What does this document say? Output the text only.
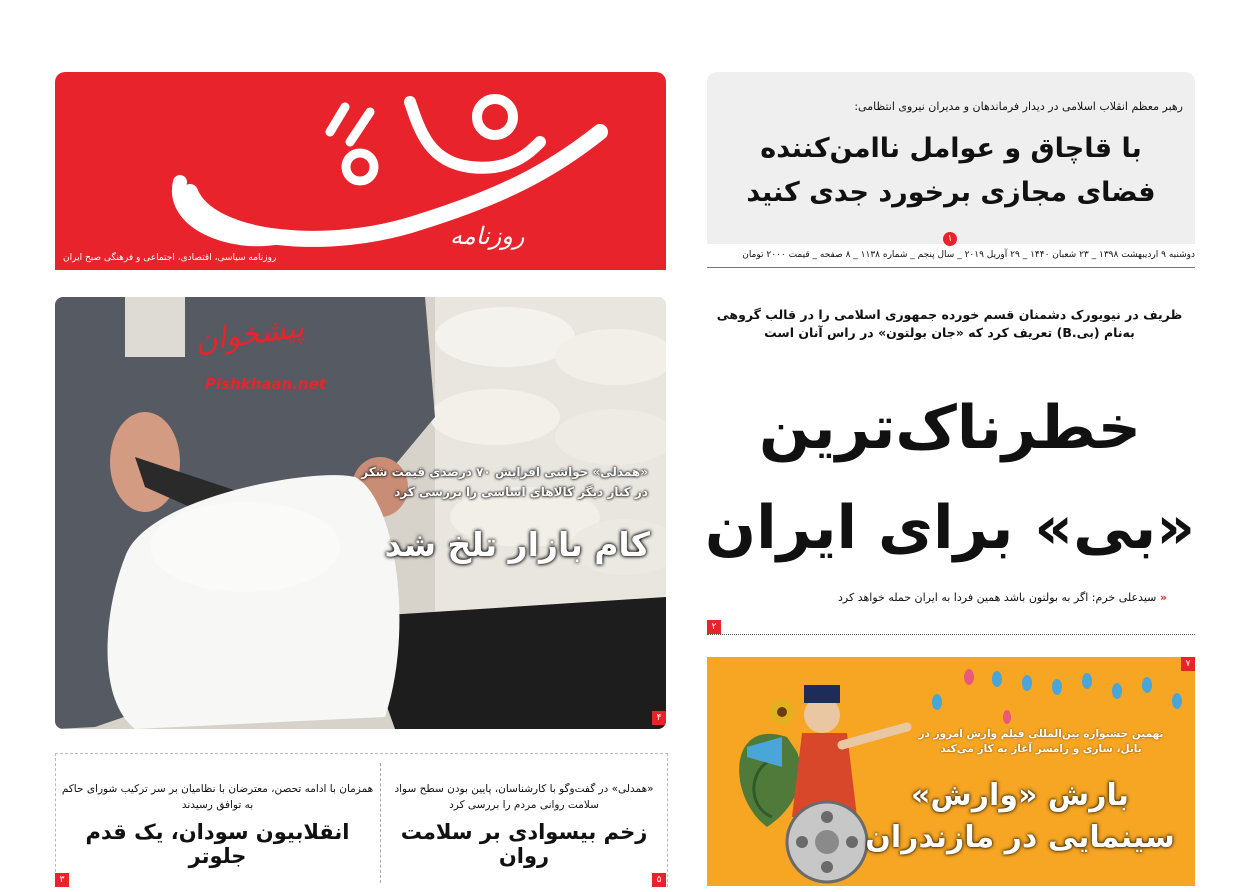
روزنامه
روزنامه سیاسی، اقتصادی، اجتماعی و فرهنگی صبح ایران
رهبر معظم انقلاب اسلامی در دیدار فرماندهان و مدیران نیروی انتظامی:
با قاچاق و عوامل ناامن‌کننده فضای مجازی برخورد جدی کنید
۱
دوشنبه ۹ اردیبهشت ۱۳۹۸ _ ۲۳ شعبان ۱۴۴۰ _ ۲۹ آوریل ۲۰۱۹ _ سال پنجم _ شماره ۱۱۳۸ _ ۸ صفحه _ قیمت ۲۰۰۰ تومان
ظریف در نیویورک دشمنان قسم خورده جمهوری اسلامی را در قالب گروهی به‌نام (بی.B) تعریف کرد که «جان بولتون» در راس آنان است
خطرناک‌ترین «بی» برای ایران
« سیدعلی خرم: اگر به بولتون باشد همین فردا به ایران حمله خواهد کرد
۲
پیشخوان
Pishkhaan.net
«همدلی» حواشی افزایش ۷۰ درصدی قیمت شکر در کنار دیگر کالاهای اساسی را بررسی کرد
کام بازار تلخ شد
۴
همزمان با ادامه تحصن، معترضان با نظامیان بر سر ترکیب شورای حاکم به توافق رسیدند
انقلابیون سودان، یک قدم جلوتر
«همدلی» در گفت‌وگو با کارشناسان، پایین بودن سطح سواد سلامت روانی مردم را بررسی کرد
زخم بیسوادی بر سلامت روان
۳	۵
۷
نهمین جشنواره بین‌المللی فیلم وارش امروز در بابل، ساری و رامسر آغاز به کار می‌کند
بارش «وارش» سینمایی در مازندران
